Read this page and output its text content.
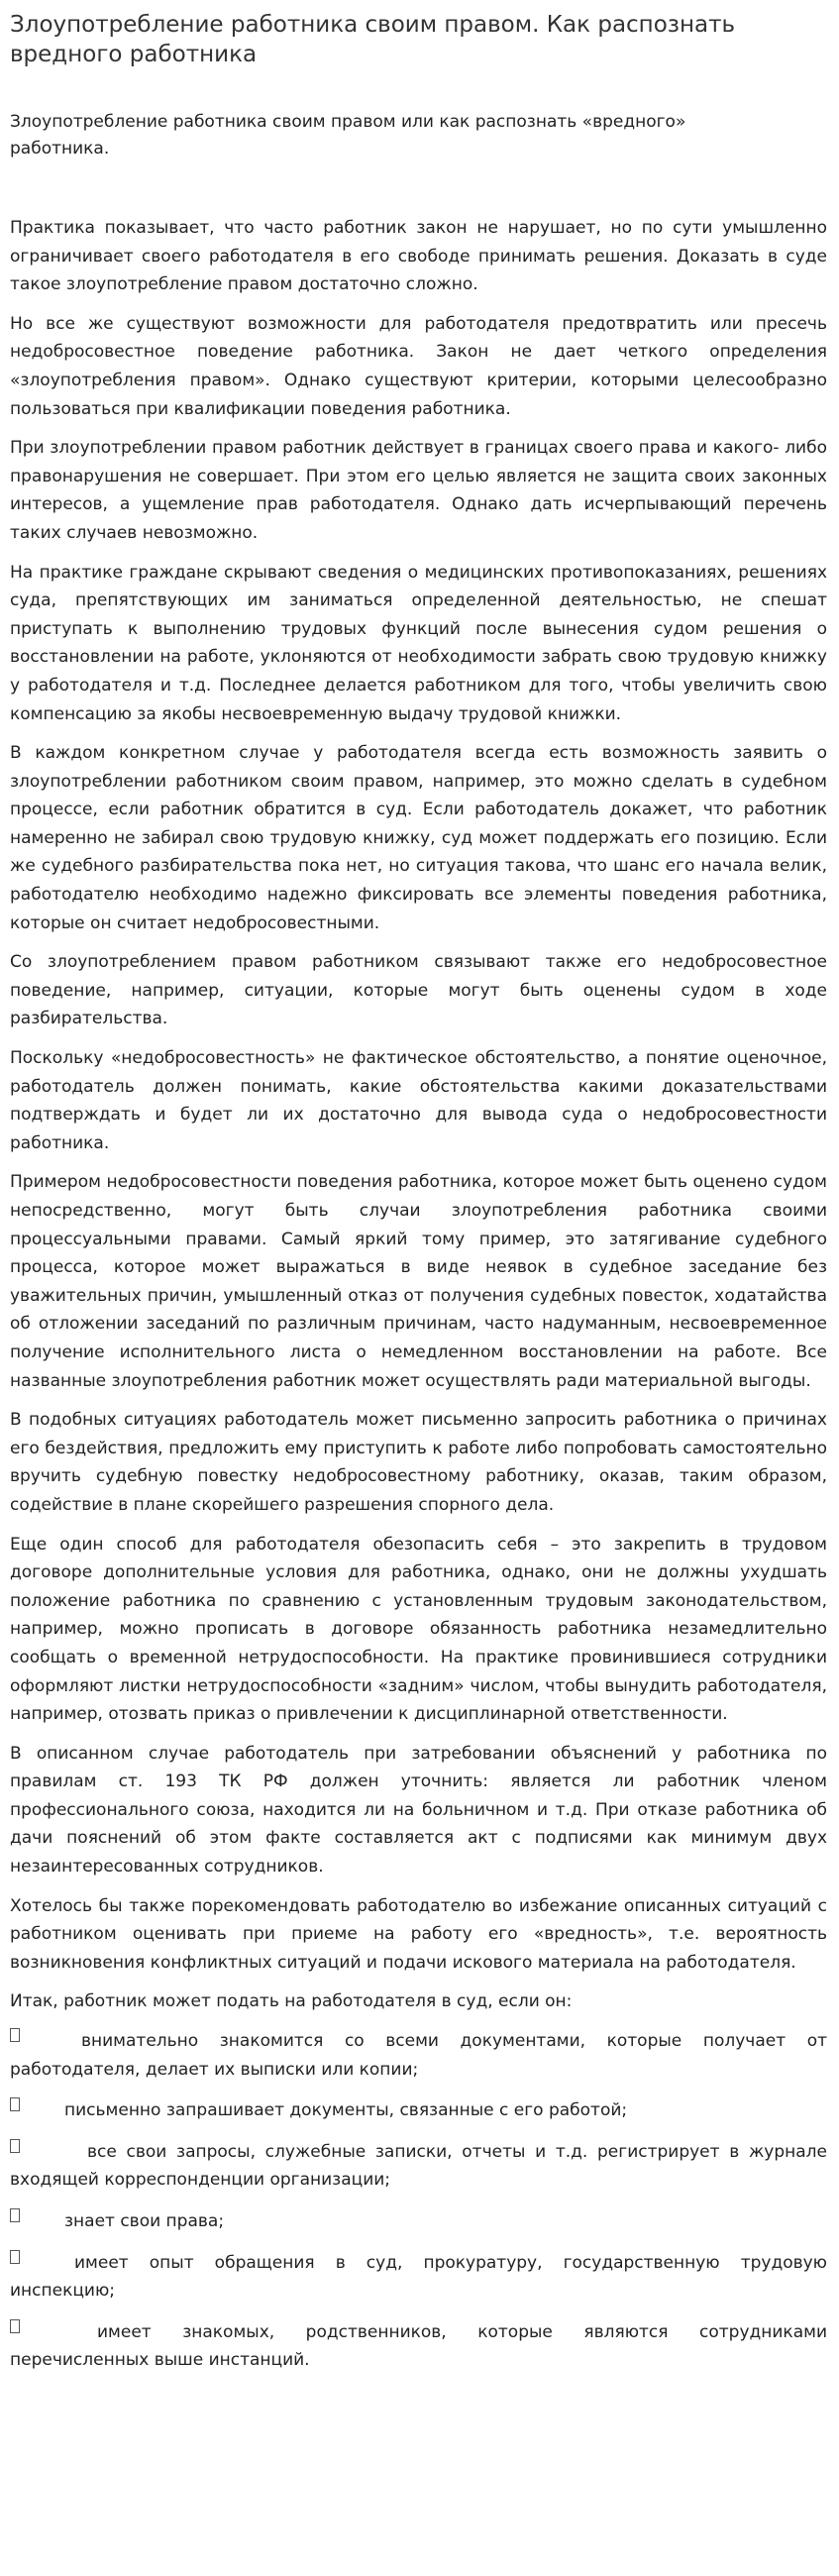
Злоупотребление работника своим правом. Как распознать вредного работника
Злоупотребление работника своим правом или как распознать «вредного» работника.

Практика показывает, что часто работник закон не нарушает, но по сути умышленно ограничивает своего работодателя в его свободе принимать решения. Доказать в суде такое злоупотребление правом достаточно сложно.

Но все же существуют возможности для работодателя предотвратить или пресечь недобросовестное поведение работника. Закон не дает четкого определения «злоупотребления правом». Однако существуют критерии, которыми целесообразно пользоваться при квалификации поведения работника.

При злоупотреблении правом работник действует в границах своего права и какого- либо правонарушения не совершает. При этом его целью является не защита своих законных интересов, а ущемление прав работодателя. Однако дать исчерпывающий перечень таких случаев невозможно.

На практике граждане скрывают сведения о медицинских противопоказаниях, решениях суда, препятствующих им заниматься определенной деятельностью, не спешат приступать к выполнению трудовых функций после вынесения судом решения о восстановлении на работе, уклоняются от необходимости забрать свою трудовую книжку у работодателя и т.д. Последнее делается работником для того, чтобы увеличить свою компенсацию за якобы несвоевременную выдачу трудовой книжки.

В каждом конкретном случае у работодателя всегда есть возможность заявить о злоупотреблении работником своим правом, например, это можно сделать в судебном процессе, если работник обратится в суд. Если работодатель докажет, что работник намеренно не забирал свою трудовую книжку, суд может поддержать его позицию. Если же судебного разбирательства пока нет, но ситуация такова, что шанс его начала велик, работодателю необходимо надежно фиксировать все элементы поведения работника, которые он считает недобросовестными.

Со злоупотреблением правом работником связывают также его недобросовестное поведение, например, ситуации, которые могут быть оценены судом в ходе разбирательства.

Поскольку «недобросовестность» не фактическое обстоятельство, а понятие оценочное, работодатель должен понимать, какие обстоятельства какими доказательствами подтверждать и будет ли их достаточно для вывода суда о недобросовестности работника.

Примером недобросовестности поведения работника, которое может быть оценено судом непосредственно, могут быть случаи злоупотребления работника своими процессуальными правами. Самый яркий тому пример, это затягивание судебного процесса, которое может выражаться в виде неявок в судебное заседание без уважительных причин, умышленный отказ от получения судебных повесток, ходатайства об отложении заседаний по различным причинам, часто надуманным, несвоевременное получение исполнительного листа о немедленном восстановлении на работе. Все названные злоупотребления работник может осуществлять ради материальной выгоды.

В подобных ситуациях работодатель может письменно запросить работника о причинах его бездействия, предложить ему приступить к работе либо попробовать самостоятельно вручить судебную повестку недобросовестному работнику, оказав, таким образом, содействие в плане скорейшего разрешения спорного дела.

Еще один способ для работодателя обезопасить себя – это закрепить в трудовом договоре дополнительные условия для работника, однако, они не должны ухудшать положение работника по сравнению с установленным трудовым законодательством, например, можно прописать в договоре обязанность работника незамедлительно сообщать о временной нетрудоспособности. На практике провинившиеся сотрудники оформляют листки нетрудоспособности «задним» числом, чтобы вынудить работодателя, например, отозвать приказ о привлечении к дисциплинарной ответственности.

В описанном случае работодатель при затребовании объяснений у работника по правилам ст. 193 ТК РФ должен уточнить: является ли работник членом профессионального союза, находится ли на больничном и т.д. При отказе работника об дачи пояснений об этом факте составляется акт с подписями как минимум двух незаинтересованных сотрудников.

Хотелось бы также порекомендовать работодателю во избежание описанных ситуаций с работником оценивать при приеме на работу его «вредность», т.е. вероятность возникновения конфликтных ситуаций и подачи искового материала на работодателя.

Итак, работник может подать на работодателя в суд, если он:

внимательно знакомится со всеми документами, которые получает от работодателя, делает их выписки или копии;
письменно запрашивает документы, связанные с его работой;
все свои запросы, служебные записки, отчеты и т.д. регистрирует в журнале входящей корреспонденции организации;
знает свои права;
имеет опыт обращения в суд, прокуратуру, государственную трудовую инспекцию;
имеет знакомых, родственников, которые являются сотрудниками перечисленных выше инстанций.
